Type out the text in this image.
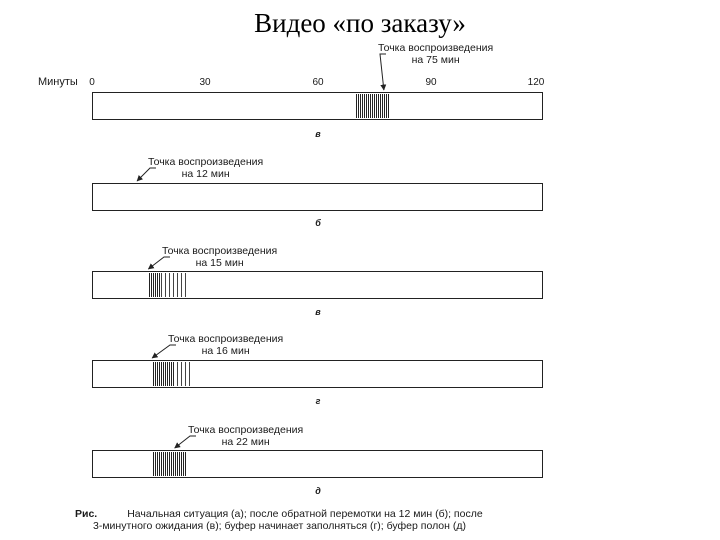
Видео «по заказу»
Минуты 0	30	60	90	120
Точка воспроизведения
на 75 мин
в
Точка воспроизведения
на 12 мин
б
Точка воспроизведения
на 15 мин
в
Точка воспроизведения
на 16 мин
г
Точка воспроизведения
на 22 мин
д
Рис.	Начальная ситуация (а); после обратной перемотки на 12 мин (б); после
3-минутного ожидания (в); буфер начинает заполняться (г); буфер полон (д)
